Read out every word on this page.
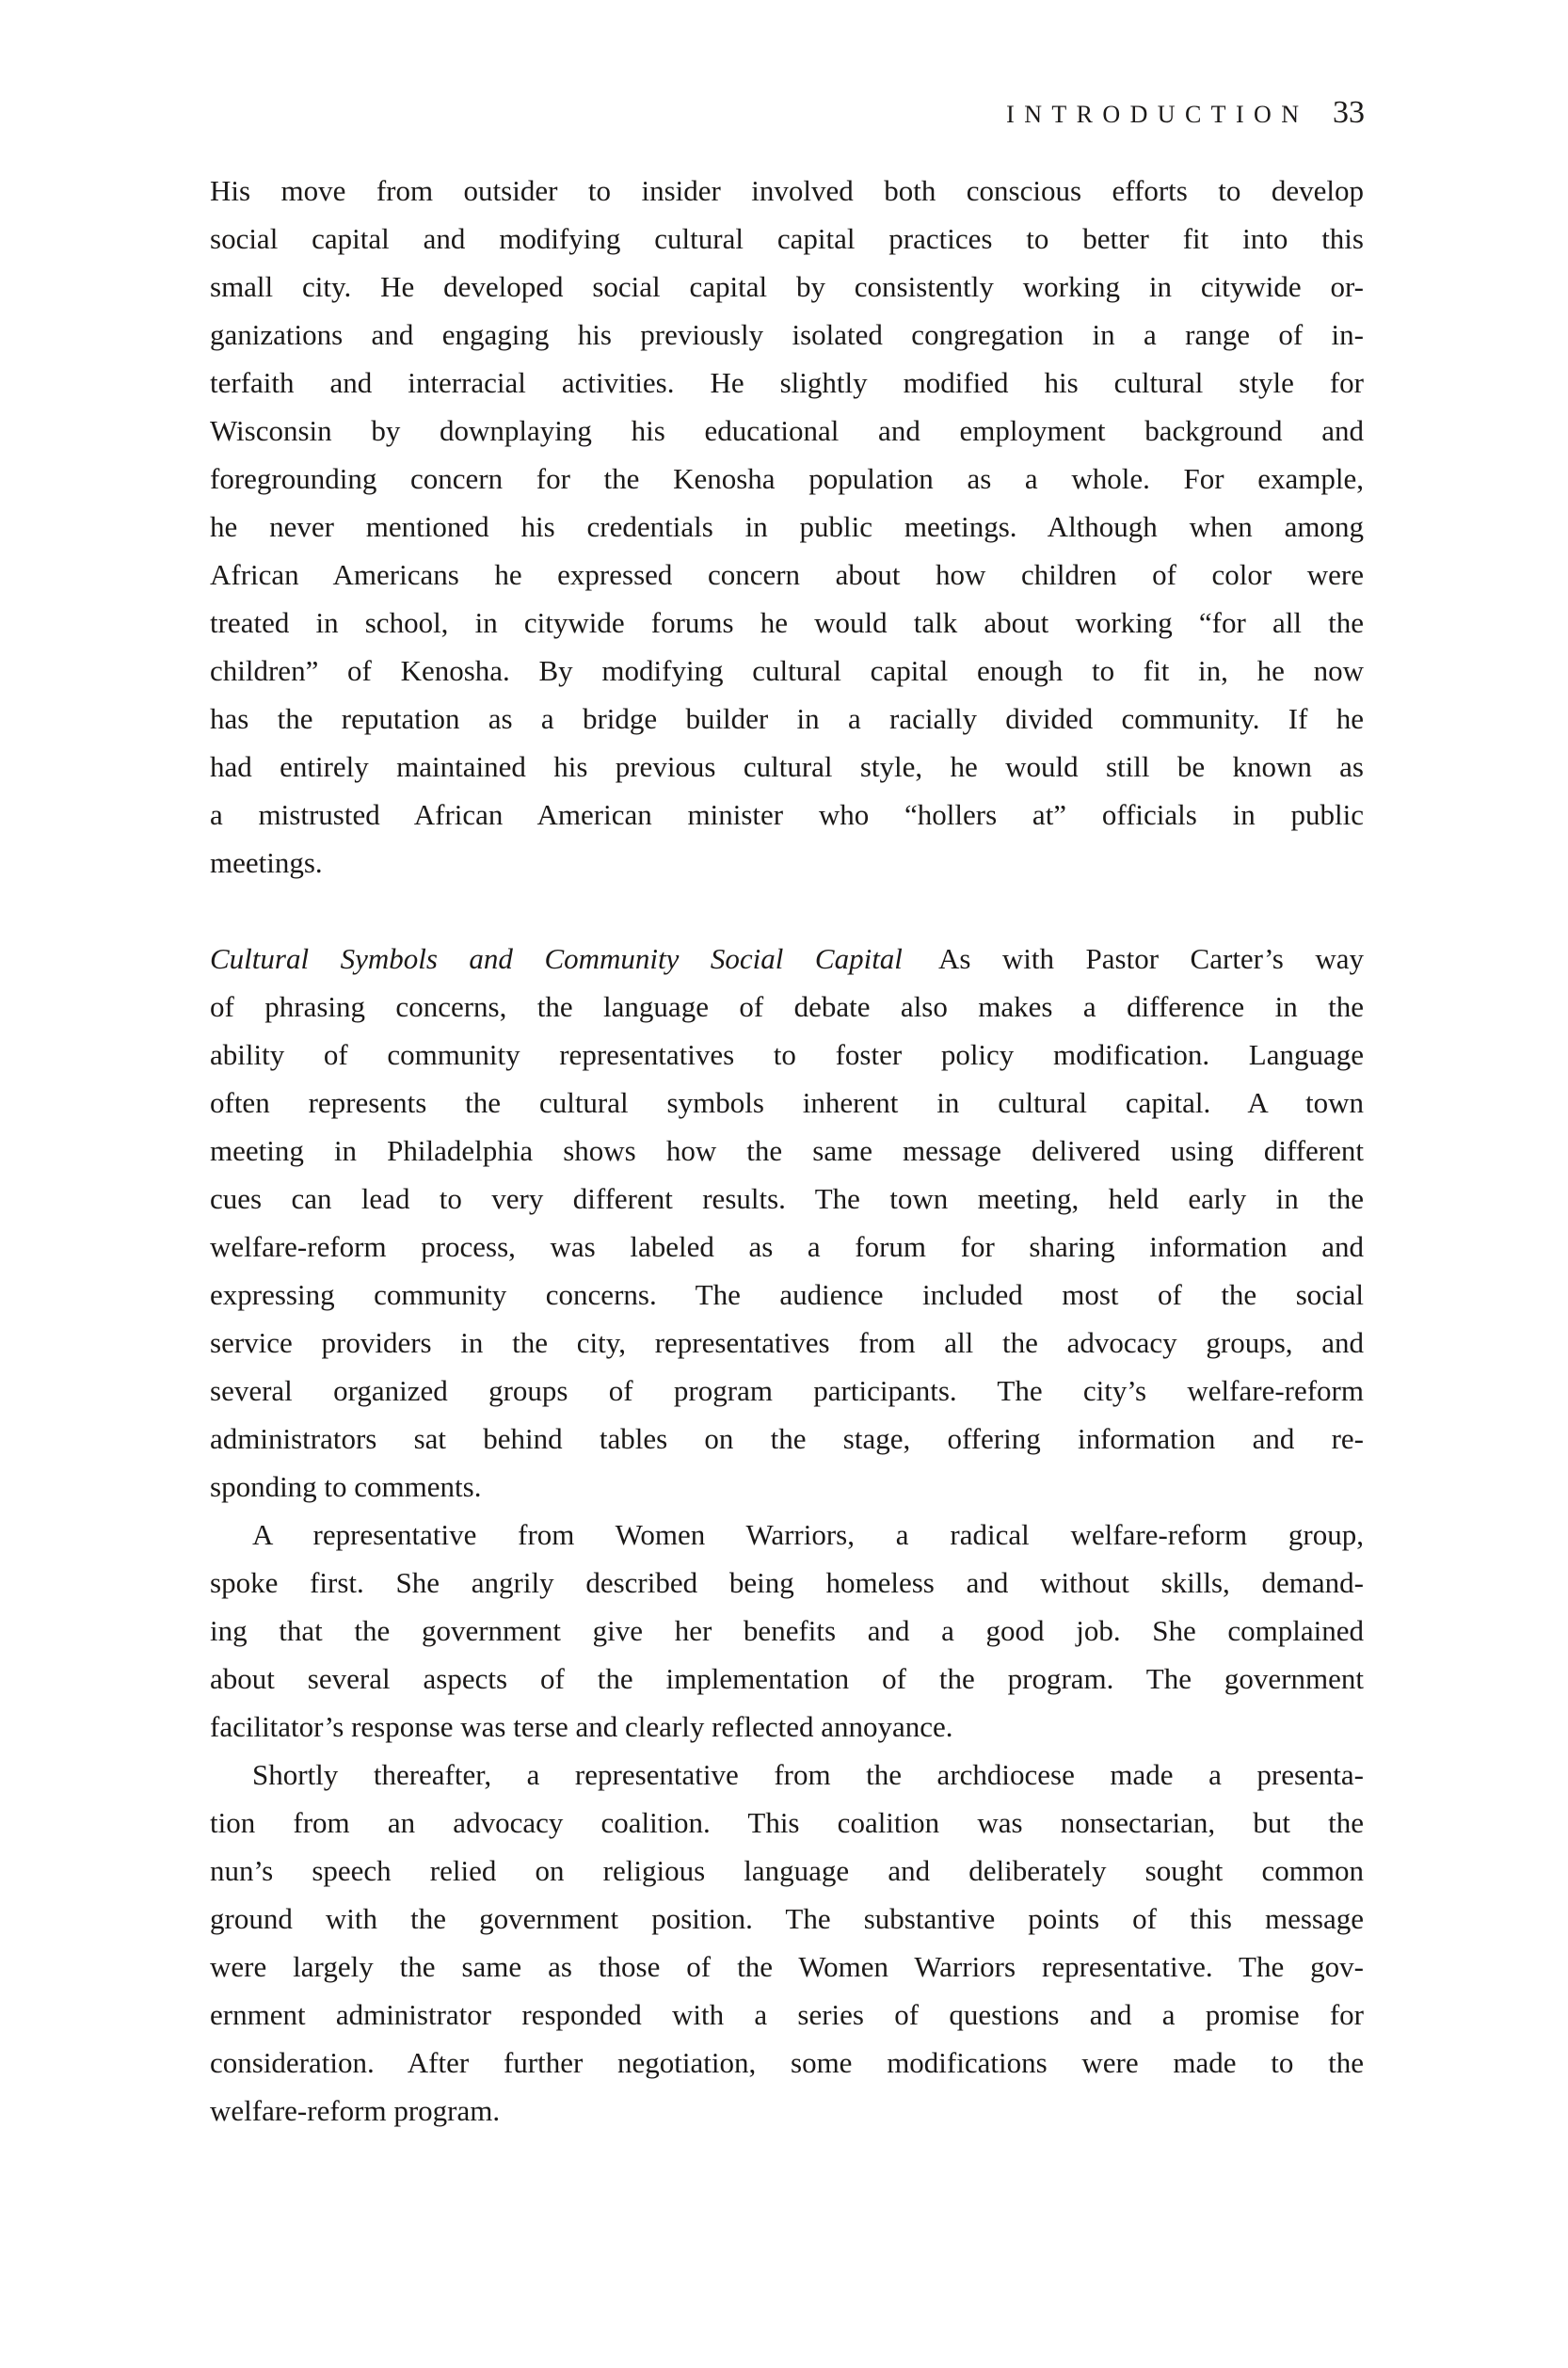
INTRODUCTION 33
His move from outsider to insider involved both conscious efforts to develop
social capital and modifying cultural capital practices to better fit into this
small city. He developed social capital by consistently working in citywide or-
ganizations and engaging his previously isolated congregation in a range of in-
terfaith and interracial activities. He slightly modified his cultural style for
Wisconsin by downplaying his educational and employment background and
foregrounding concern for the Kenosha population as a whole. For example,
he never mentioned his credentials in public meetings. Although when among
African Americans he expressed concern about how children of color were
treated in school, in citywide forums he would talk about working “for all the
children” of Kenosha. By modifying cultural capital enough to fit in, he now
has the reputation as a bridge builder in a racially divided community. If he
had entirely maintained his previous cultural style, he would still be known as
a mistrusted African American minister who “hollers at” officials in public
meetings.
Cultural Symbols and Community Social Capital As with Pastor Carter’s way
of phrasing concerns, the language of debate also makes a difference in the
ability of community representatives to foster policy modification. Language
often represents the cultural symbols inherent in cultural capital. A town
meeting in Philadelphia shows how the same message delivered using different
cues can lead to very different results. The town meeting, held early in the
welfare-reform process, was labeled as a forum for sharing information and
expressing community concerns. The audience included most of the social
service providers in the city, representatives from all the advocacy groups, and
several organized groups of program participants. The city’s welfare-reform
administrators sat behind tables on the stage, offering information and re-
sponding to comments.
A representative from Women Warriors, a radical welfare-reform group,
spoke first. She angrily described being homeless and without skills, demand-
ing that the government give her benefits and a good job. She complained
about several aspects of the implementation of the program. The government
facilitator’s response was terse and clearly reflected annoyance.
Shortly thereafter, a representative from the archdiocese made a presenta-
tion from an advocacy coalition. This coalition was nonsectarian, but the
nun’s speech relied on religious language and deliberately sought common
ground with the government position. The substantive points of this message
were largely the same as those of the Women Warriors representative. The gov-
ernment administrator responded with a series of questions and a promise for
consideration. After further negotiation, some modifications were made to the
welfare-reform program.
